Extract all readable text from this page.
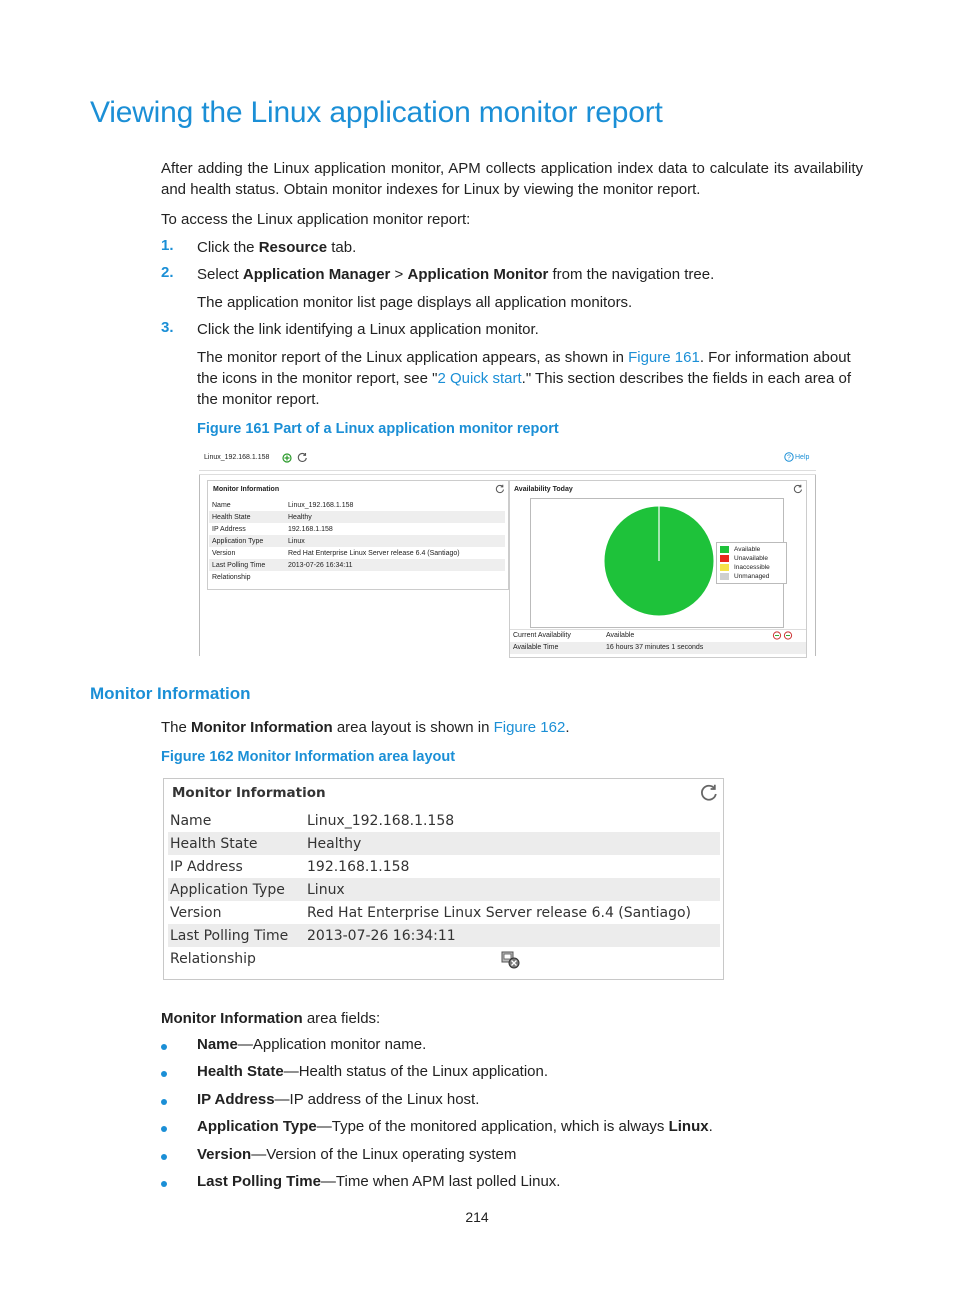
Viewing the Linux application monitor report
After adding the Linux application monitor, APM collects application index data to calculate its availability and health status. Obtain monitor indexes for Linux by viewing the monitor report.
To access the Linux application monitor report:
1. Click the Resource tab.
2. Select Application Manager > Application Monitor from the navigation tree.
The application monitor list page displays all application monitors.
3. Click the link identifying a Linux application monitor.
The monitor report of the Linux application appears, as shown in Figure 161. For information about the icons in the monitor report, see "2 Quick start." This section describes the fields in each area of the monitor report.
Figure 161 Part of a Linux application monitor report
Linux_192.168.1.158	? Help
Monitor Information
Name	Linux_192.168.1.158
Health State	Healthy
IP Address	192.168.1.158
Application Type	Linux
Version	Red Hat Enterprise Linux Server release 6.4 (Santiago)
Last Polling Time	2013-07-26 16:34:11
Relationship	
Availability Today
Available
Unavailable
Inaccessible
Unmanaged
Current Availability	Available
Available Time	16 hours 37 minutes 1 seconds
Monitor Information
The Monitor Information area layout is shown in Figure 162.
Figure 162 Monitor Information area layout
Monitor Information
Name	Linux_192.168.1.158
Health State	Healthy
IP Address	192.168.1.158
Application Type	Linux
Version	Red Hat Enterprise Linux Server release 6.4 (Santiago)
Last Polling Time	2013-07-26 16:34:11
Relationship	
Monitor Information area fields:
Name—Application monitor name.
Health State—Health status of the Linux application.
IP Address—IP address of the Linux host.
Application Type—Type of the monitored application, which is always Linux.
Version—Version of the Linux operating system
Last Polling Time—Time when APM last polled Linux.
214
